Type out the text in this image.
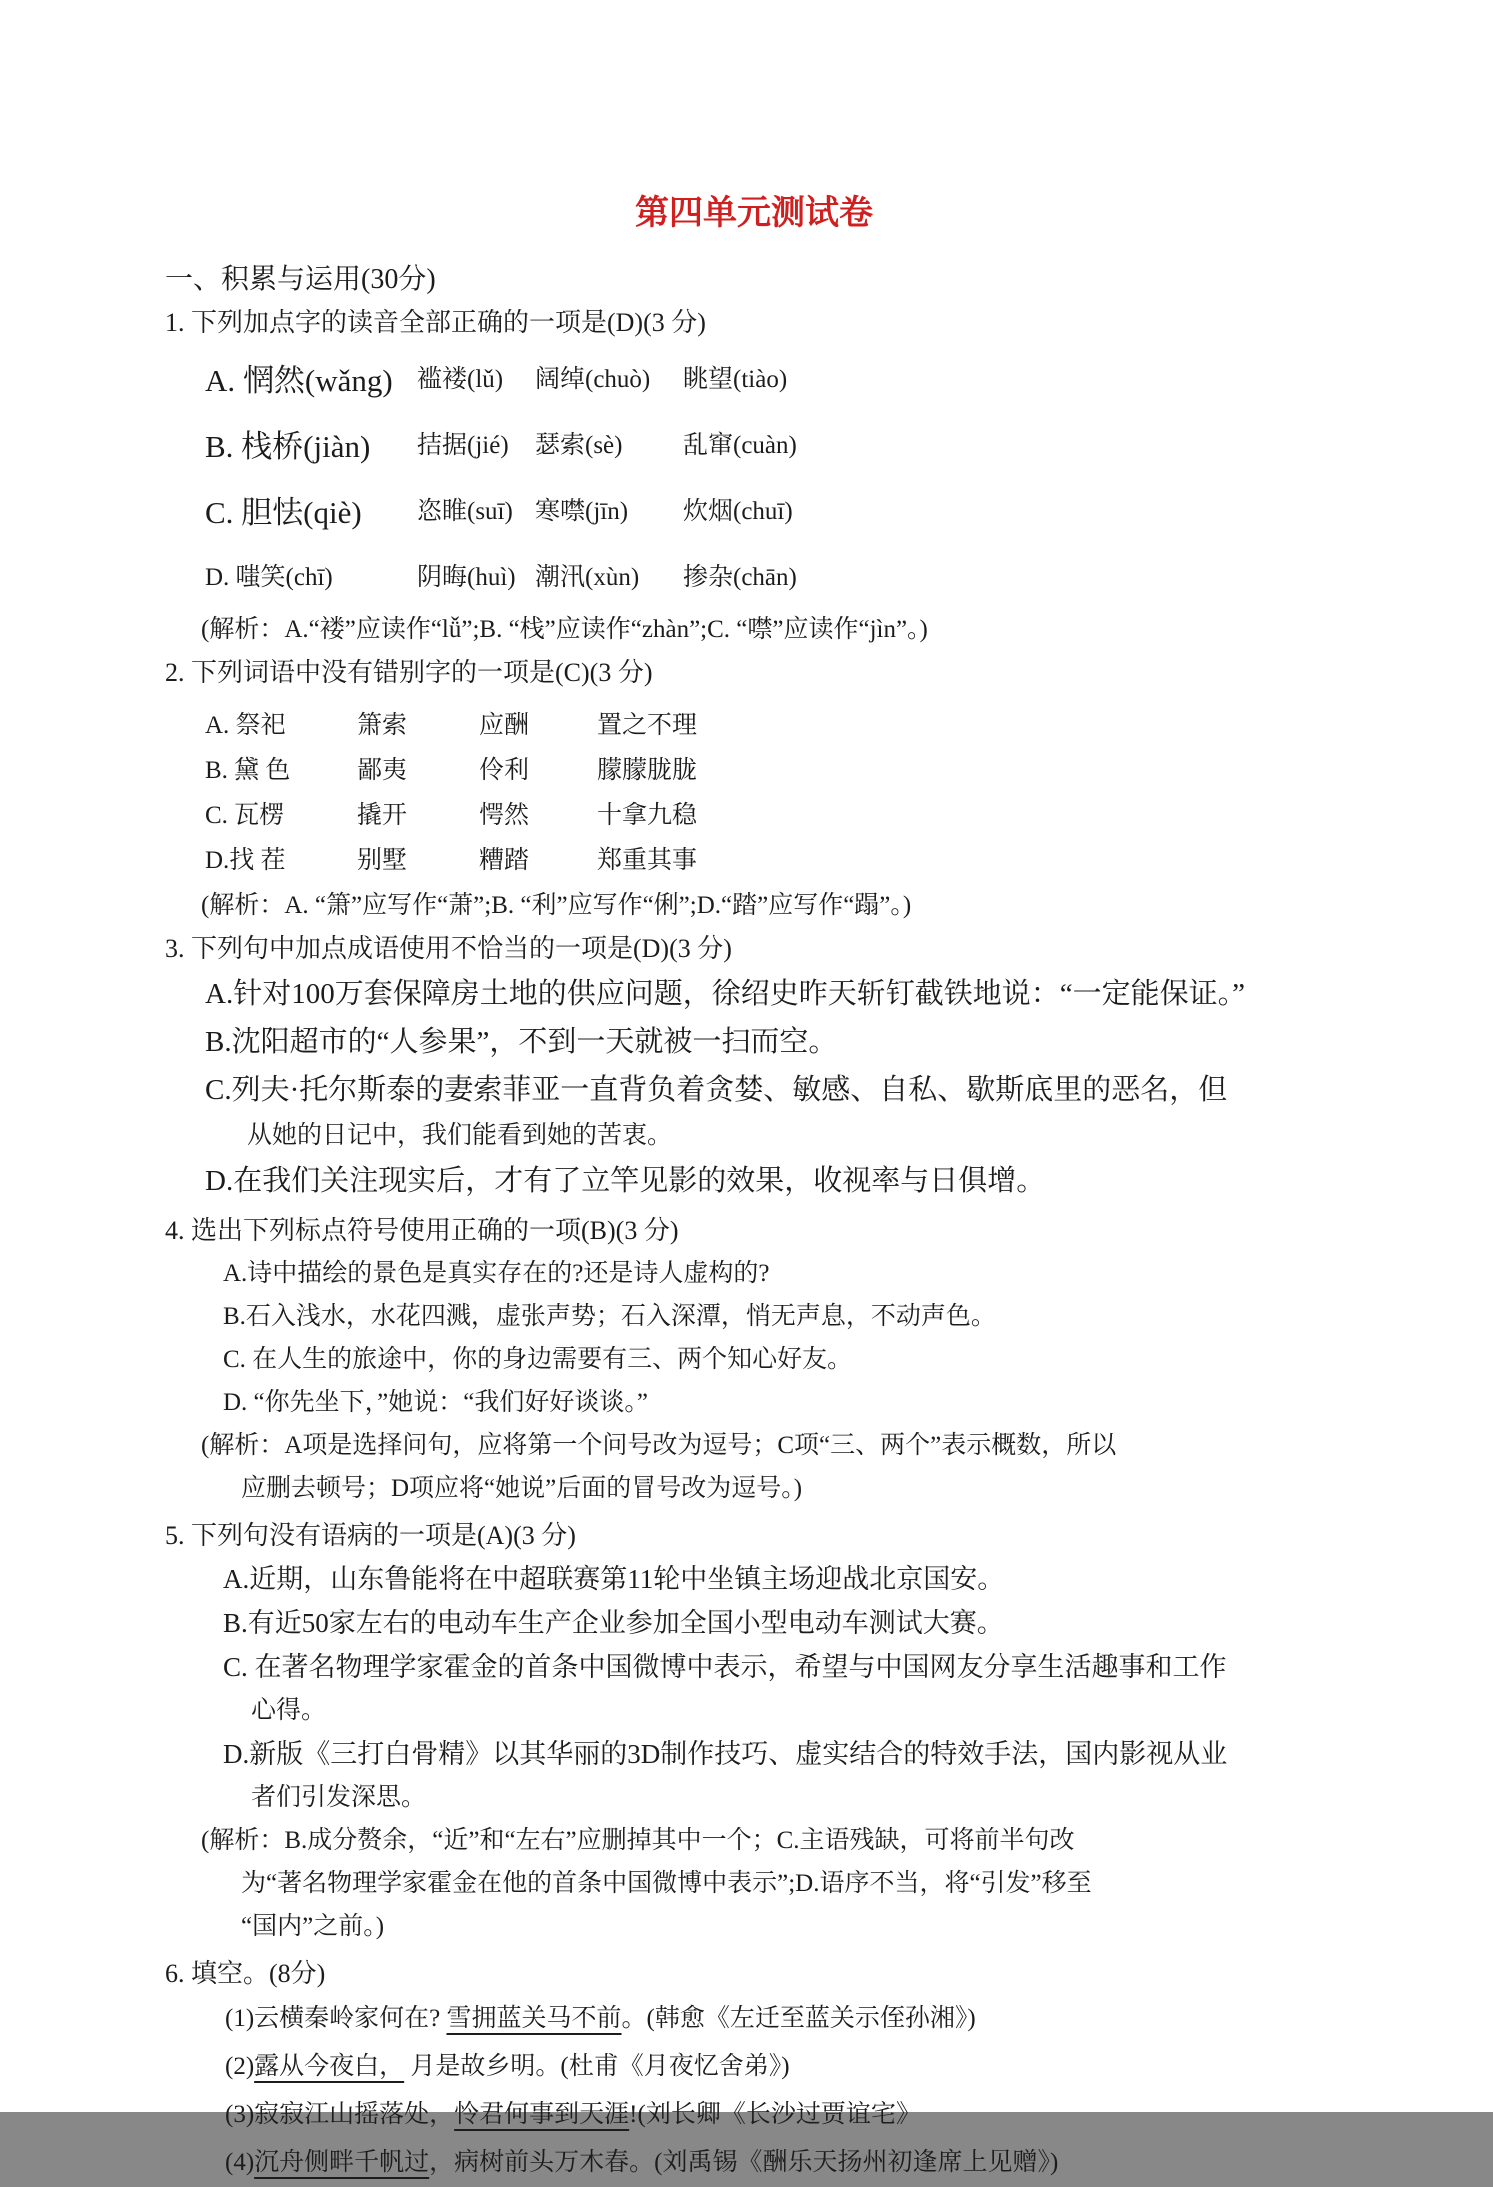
第四单元测试卷
一、积累与运用(30分)
1. 下列加点字的读音全部正确的一项是(D)(3 分)
A. 惘然(wǎng) 褴褛(lǔ)	阔绰(chuò)	眺望(tiào)
B. 栈桥(jiàn)	拮据(jié)	瑟索(sè)	乱窜(cuàn)
C. 胆怯(qiè)	恣睢(suī) 寒噤(jīn)	炊烟(chuī)
D. 嗤笑(chī)	阴晦(huì) 潮汛(xùn)	掺杂(chān)
(解析：A.“褛”应读作“lǚ”;B. “栈”应读作“zhàn”;C. “噤”应读作“jìn”。)
2. 下列词语中没有错别字的一项是(C)(3 分)
A. 祭祀	箫索	应酬	置之不理
B. 黛 色	鄙夷	伶利	朦朦胧胧
C. 瓦楞	撬开	愕然	十拿九稳
D.找 茬	别墅	糟踏	郑重其事
(解析：A. “箫”应写作“萧”;B. “利”应写作“俐”;D.“踏”应写作“蹋”。)
3. 下列句中加点成语使用不恰当的一项是(D)(3 分)
A.针对100万套保障房土地的供应问题，徐绍史昨天斩钉截铁地说：“一定能保证。”
B.沈阳超市的“人参果”，不到一天就被一扫而空。
C.列夫·托尔斯泰的妻索菲亚一直背负着贪婪、敏感、自私、歇斯底里的恶名，但
从她的日记中，我们能看到她的苦衷。
D.在我们关注现实后，才有了立竿见影的效果，收视率与日俱增。
4. 选出下列标点符号使用正确的一项(B)(3 分)
A.诗中描绘的景色是真实存在的?还是诗人虚构的?
B.石入浅水，水花四溅，虚张声势；石入深潭，悄无声息，不动声色。
C. 在人生的旅途中，你的身边需要有三、两个知心好友。
D. “你先坐下，”她说：“我们好好谈谈。”
(解析：A项是选择问句，应将第一个问号改为逗号；C项“三、两个”表示概数，所以
应删去顿号；D项应将“她说”后面的冒号改为逗号。)
5. 下列句没有语病的一项是(A)(3 分)
A.近期，山东鲁能将在中超联赛第11轮中坐镇主场迎战北京国安。
B.有近50家左右的电动车生产企业参加全国小型电动车测试大赛。
C. 在著名物理学家霍金的首条中国微博中表示，希望与中国网友分享生活趣事和工作
心得。
D.新版《三打白骨精》以其华丽的3D制作技巧、虚实结合的特效手法，国内影视从业
者们引发深思。
(解析：B.成分赘余，“近”和“左右”应删掉其中一个；C.主语残缺，可将前半句改
为“著名物理学家霍金在他的首条中国微博中表示”;D.语序不当，将“引发”移至
“国内”之前。)
6. 填空。(8分)
(1)云横秦岭家何在? 雪拥蓝关马不前。(韩愈《左迁至蓝关示侄孙湘》)
(2)露从今夜白， 月是故乡明。(杜甫《月夜忆舍弟》)
(3)寂寂江山摇落处，怜君何事到天涯!(刘长卿《长沙过贾谊宅》
(4)沉舟侧畔千帆过，病树前头万木春。(刘禹锡《酬乐天扬州初逢席上见赠》)
